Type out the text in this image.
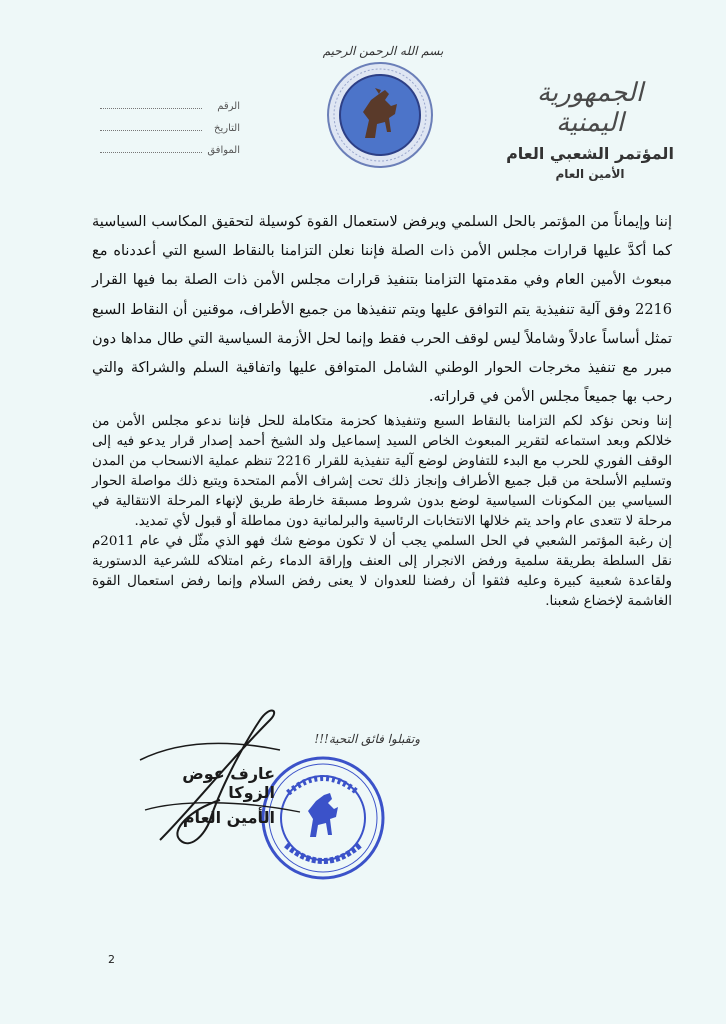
بسم الله الرحمن الرحيم
الجمهورية اليمنية
المؤتمر الشعبي العام
الأمين العام
الرقم
التاريخ
الموافق

إننا وإيماناً من المؤتمر بالحل السلمي ويرفض لاستعمال القوة كوسيلة لتحقيق المكاسب السياسية كما أكدَّ عليها قرارات مجلس الأمن ذات الصلة فإننا نعلن التزامنا بالنقاط السبع التي أعددناه مع مبعوث الأمين العام وفي مقدمتها التزامنا بتنفيذ قرارات مجلس الأمن ذات الصلة بما فيها القرار 2216 وفق آلية تنفيذية يتم التوافق عليها ويتم تنفيذها من جميع الأطراف، موقنين أن النقاط السبع تمثل أساساً عادلاً وشاملاً ليس لوقف الحرب فقط وإنما لحل الأزمة السياسية التي طال مداها دون مبرر مع تنفيذ مخرجات الحوار الوطني الشامل المتوافق عليها واتفاقية السلم والشراكة والتي رحب بها جميعاً مجلس الأمن في قراراته.

إننا ونحن نؤكد لكم التزامنا بالنقاط السبع وتنفيذها كحزمة متكاملة للحل فإننا ندعو مجلس الأمن من خلالكم وبعد استماعه لتقرير المبعوث الخاص السيد إسماعيل ولد الشيخ أحمد إصدار قرار يدعو فيه إلى الوقف الفوري للحرب مع البدء للتفاوض لوضع آلية تنفيذية للقرار 2216 تنظم عملية الانسحاب من المدن وتسليم الأسلحة من قبل جميع الأطراف وإنجاز ذلك تحت إشراف الأمم المتحدة ويتبع ذلك مواصلة الحوار السياسي بين المكونات السياسية لوضع بدون شروط مسبقة خارطة طريق لإنهاء المرحلة الانتقالية في مرحلة لا تتعدى عام واحد يتم خلالها الانتخابات الرئاسية والبرلمانية دون مماطلة أو قبول لأي تمديد.

إن رغبة المؤتمر الشعبي في الحل السلمي يجب أن لا تكون موضع شك فهو الذي مثّل في عام 2011م نقل السلطة بطريقة سلمية ورفض الانجرار إلى العنف وإراقة الدماء رغم امتلاكه للشرعية الدستورية ولقاعدة شعبية كبيرة وعليه فثقوا أن رفضنا للعدوان لا يعنى رفض السلام وإنما رفض استعمال القوة الغاشمة لإخضاع شعبنا.

وتقبلوا فائق التحية!!!
عارف عوض الزوكا
الأمين العام
2
